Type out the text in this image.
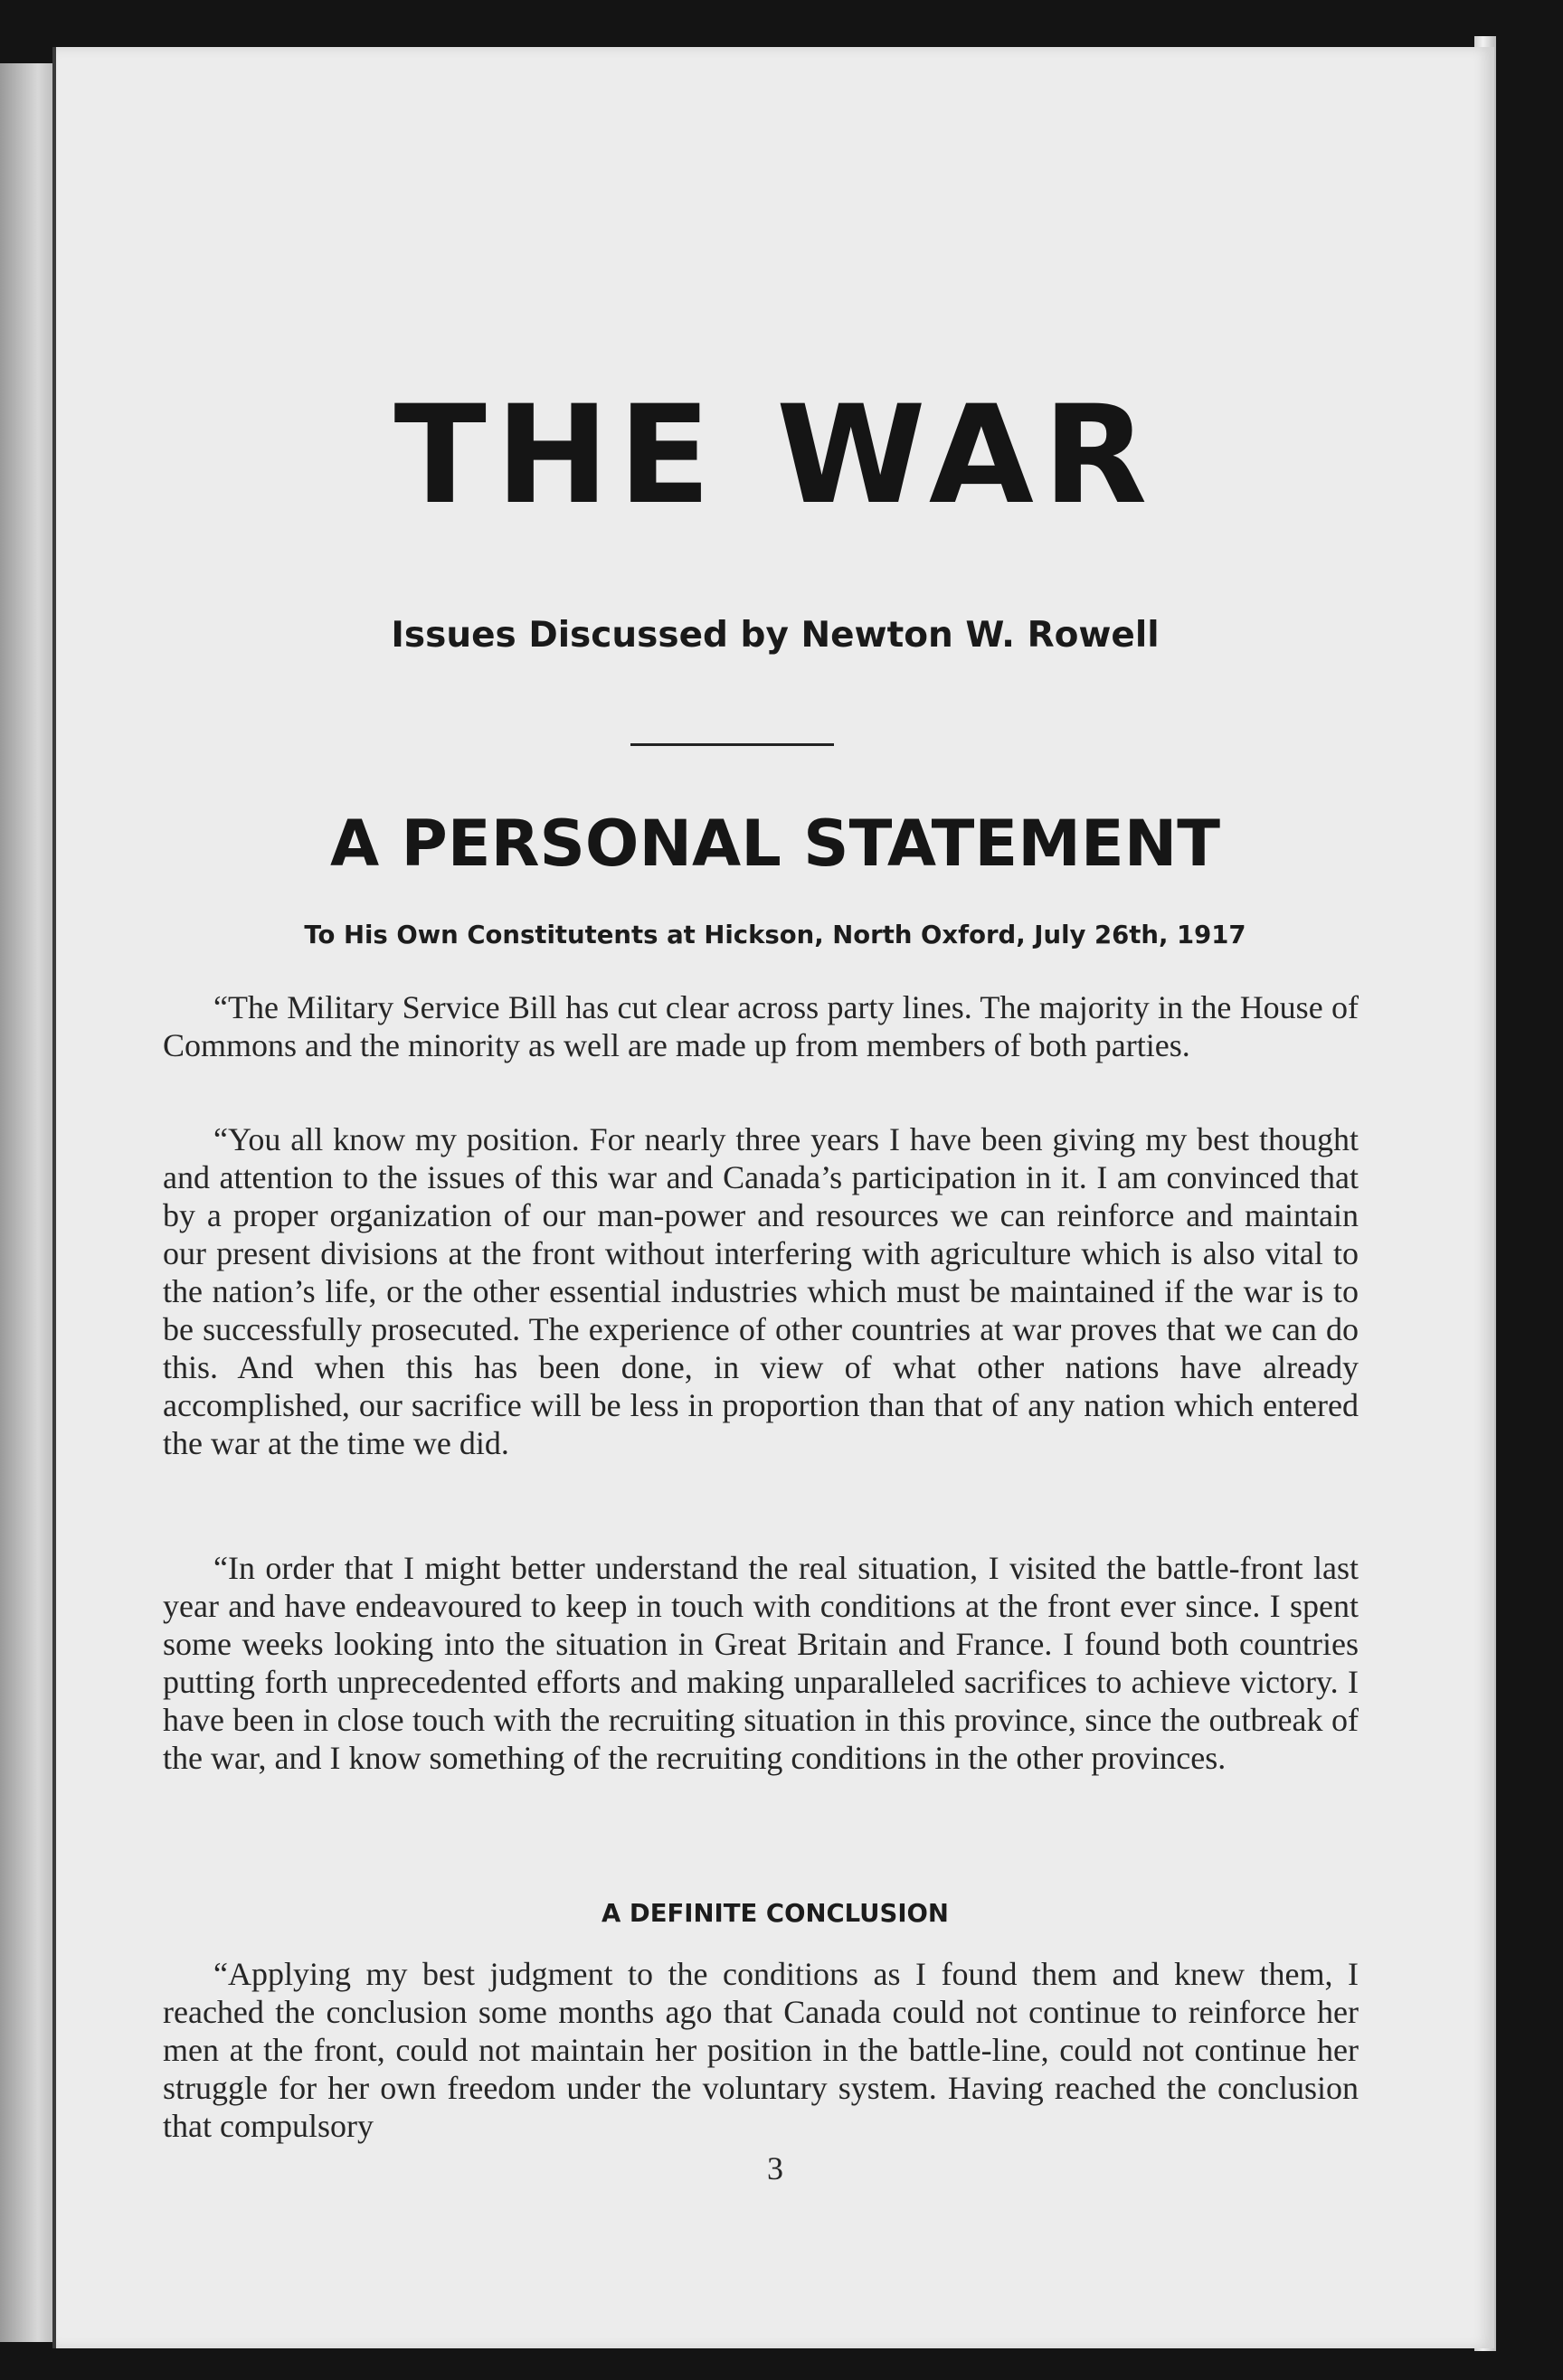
THE WAR

Issues Discussed by Newton W. Rowell

A PERSONAL STATEMENT

To His Own Constitutents at Hickson, North Oxford, July 26th, 1917

“The Military Service Bill has cut clear across party lines. The majority in the House of Commons and the minority as well are made up from members of both parties.

“You all know my position. For nearly three years I have been giving my best thought and attention to the issues of this war and Canada’s participation in it. I am convinced that by a proper organization of our man-power and resources we can reinforce and maintain our present divisions at the front without interfering with agriculture which is also vital to the nation’s life, or the other essential industries which must be maintained if the war is to be successfully prosecuted. The experience of other countries at war proves that we can do this. And when this has been done, in view of what other nations have already accomplished, our sacrifice will be less in proportion than that of any nation which entered the war at the time we did.

“In order that I might better understand the real situation, I visited the battle-front last year and have endeavoured to keep in touch with conditions at the front ever since. I spent some weeks looking into the situation in Great Britain and France. I found both countries putting forth unprecedented efforts and making unparalleled sacrifices to achieve victory. I have been in close touch with the recruiting situation in this province, since the outbreak of the war, and I know something of the recruiting conditions in the other provinces.

A DEFINITE CONCLUSION

“Applying my best judgment to the conditions as I found them and knew them, I reached the conclusion some months ago that Canada could not continue to reinforce her men at the front, could not maintain her position in the battle-line, could not continue her struggle for her own freedom under the voluntary system. Having reached the conclusion that compulsory

3
